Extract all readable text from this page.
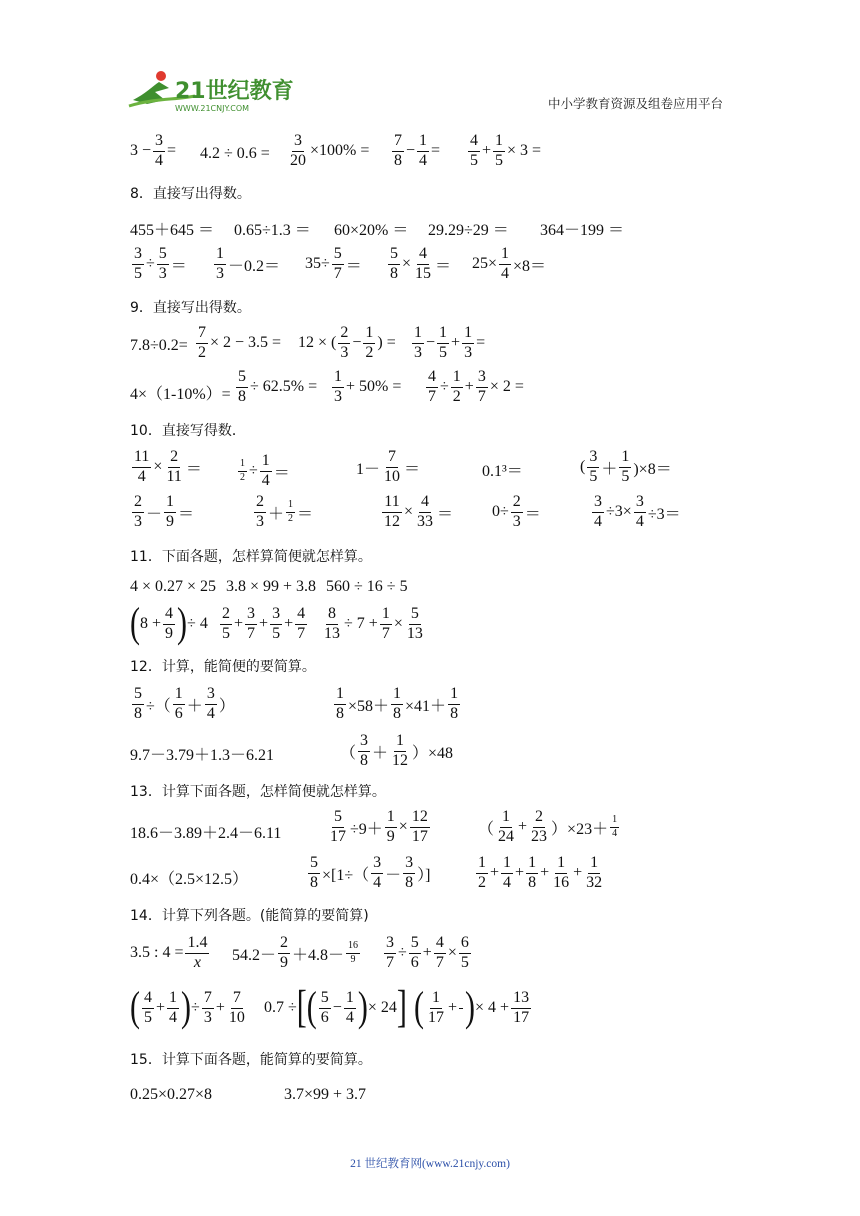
21世纪教育
WWW.21CNJY.COM	中小学教育资源及组卷应用平台
$3 - \frac{3}{4} = 4.2 \div 0.6 = \frac{3}{20} \times 100\% = \frac{7}{8} - \frac{1}{4} = \frac{4}{5} + \frac{1}{5} \times 3$ =
8．直接写出得数。
455＋645 ＝ 0.65÷1.3 ＝ 60×20% ＝ 29.29÷29 ＝ 364－199 ＝
$\frac{3}{5} \div \frac{5}{3} = \frac{1}{3} -0.2= 35\div \frac{5}{7} = \frac{5}{8} \times \frac{4}{15} = 25\times \frac{1}{4} \times 8=$
9．直接写出得数。
$7.8\div 0.2= \frac{7}{2} \times 2 - 3.5 = 12$ × ( $\frac{2}{3} - \frac{1}{2}$ ) = $\frac{1}{3} - \frac{1}{5} + \frac{1}{3}$ =
$4\times(1-10\%)= \frac{5}{8} \div 62.5\% = \frac{1}{3} + 50\% = \frac{4}{7} \div \frac{1}{2} + \frac{3}{7} \times 2$ =
10．直接写得数．
$\frac{11}{4} \times \frac{2}{11}$ ＝	$\frac{1}{2} \div \frac{1}{4}$ ＝	$1- \frac{7}{10}$ ＝	0.1³＝	( $\frac{3}{5} + \frac{1}{5} )\times 8=$
$\frac{2}{3} - \frac{1}{9}$ ＝	$\frac{2}{3} + \frac{1}{2}$ ＝	$\frac{11}{12} \times \frac{4}{33} = 0\div \frac{2}{3}$ ＝	$\frac{3}{4} \div 3\times \frac{3}{4} \div 3=$
11．下面各题，怎样算简便就怎样算。
4 × 0.27 × 25 3.8 × 99 + 3.8 560 ÷ 16 ÷ 5
( $8 + \frac{4}{9}$ ) ÷ $4 \frac{2}{5} + \frac{3}{7} + \frac{3}{5} + \frac{4}{7} \frac{8}{13} \div 7 + \frac{1}{7} \times \frac{5}{13}$
12．计算，能简便的要简算。
$\frac{5}{8}$ ÷（ $\frac{1}{6} + \frac{3}{4}$ ）	$\frac{1}{8} \times 58+ \frac{1}{8} \times 41+ \frac{1}{8}$
9.7－3.79＋1.3－6.21	（ $\frac{3}{8} + \frac{1}{12} )\times 48$
13．计算下面各题，怎样简便就怎样算。
18.6－3.89＋2.4－6.11	$\frac{5}{17} \div 9+ \frac{1}{9} \times \frac{12}{17}$	（ $\frac{1}{24} + \frac{2}{23} )\times 23+ \frac{1}{4}$
0.4×（2.5×12.5）	$\frac{5}{8} \times[1\div( \frac{3}{4} - \frac{3}{8}$ ）]	$\frac{1}{2} + \frac{1}{4} + \frac{1}{8} + \frac{1}{16} + \frac{1}{32}$
14．计算下列各题。(能简算的要简算)
3.5 : $4 = \frac{1.4}{x} 54.2- \frac{2}{9} +4.8- \frac{16}{9} \frac{3}{7} \div \frac{5}{6} + \frac{4}{7} \times \frac{6}{5}$
( $\frac{4}{5} + \frac{1}{4}$ ) ÷ $\frac{7}{3} + \frac{7}{10} 0.7$ ÷ [ ( $\frac{5}{6} - \frac{1}{4}$ ) × 24 ] ( $\frac{1}{17}$ + ) × $4 + \frac{13}{17}$
15．计算下面各题，能简算的要简算。
0.25×0.27×8	3.7×99 + 3.7
21 世纪教育网(www.21cnjy.com)
